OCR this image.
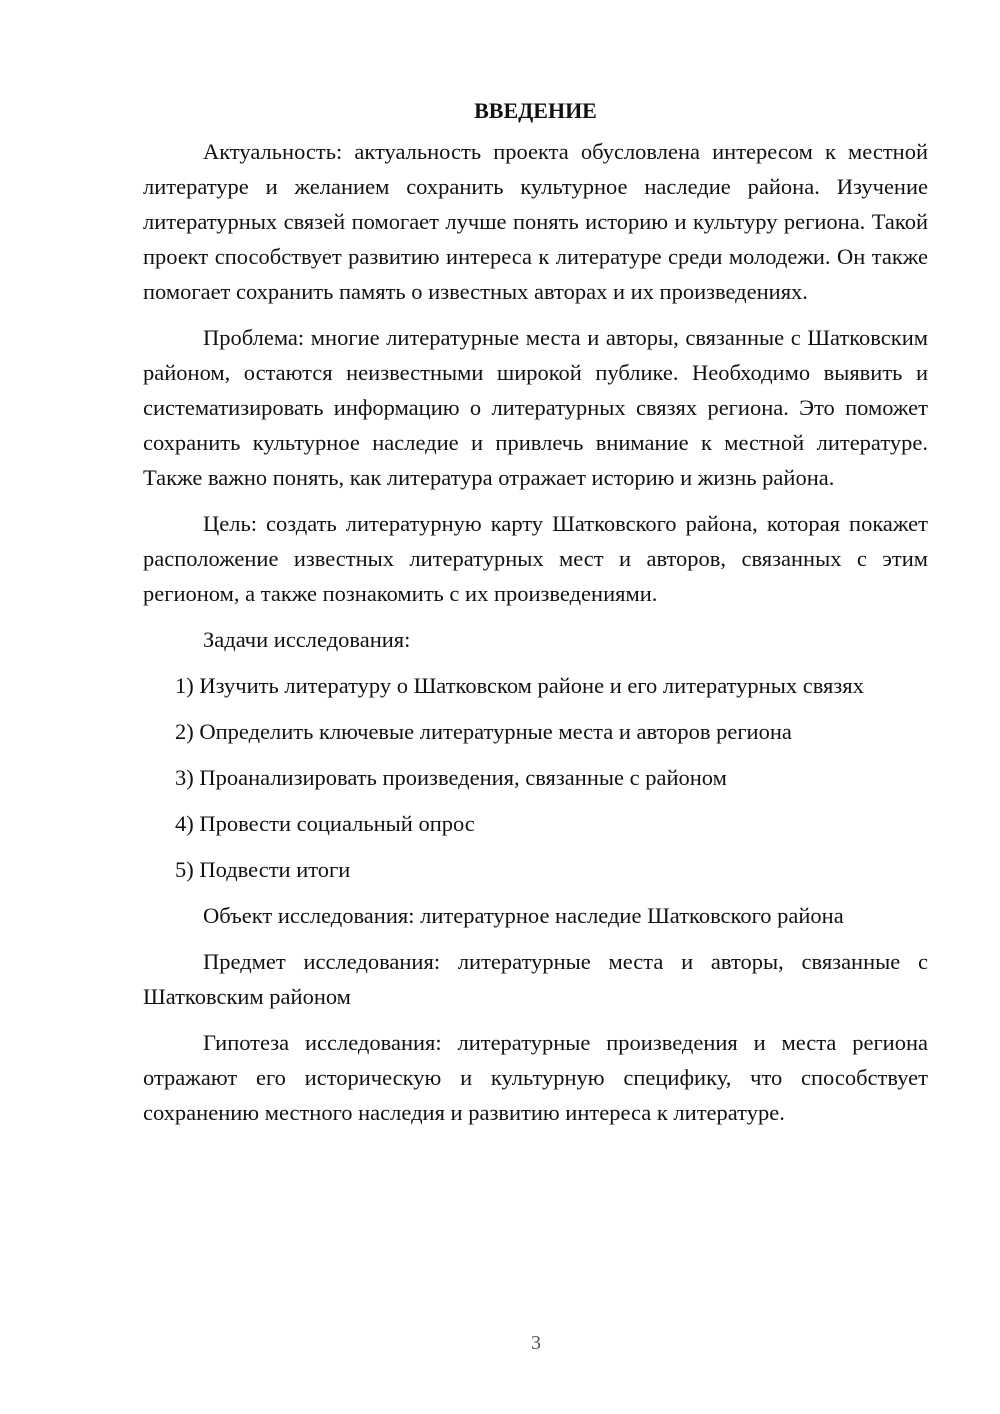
ВВЕДЕНИЕ

Актуальность: актуальность проекта обусловлена интересом к местной литературе и желанием сохранить культурное наследие района. Изучение литературных связей помогает лучше понять историю и культуру региона. Такой проект способствует развитию интереса к литературе среди молодежи. Он также помогает сохранить память о известных авторах и их произведениях.

Проблема: многие литературные места и авторы, связанные с Шатковским районом, остаются неизвестными широкой публике. Необходимо выявить и систематизировать информацию о литературных связях региона. Это поможет сохранить культурное наследие и привлечь внимание к местной литературе. Также важно понять, как литература отражает историю и жизнь района.

Цель: создать литературную карту Шатковского района, которая покажет расположение известных литературных мест и авторов, связанных с этим регионом, а также познакомить с их произведениями.

Задачи исследования:

1) Изучить литературу о Шатковском районе и его литературных связях

2) Определить ключевые литературные места и авторов региона

3) Проанализировать произведения, связанные с районом

4) Провести социальный опрос

5) Подвести итоги

Объект исследования: литературное наследие Шатковского района

Предмет исследования: литературные места и авторы, связанные с Шатковским районом

Гипотеза исследования: литературные произведения и места региона отражают его историческую и культурную специфику, что способствует сохранению местного наследия и развитию интереса к литературе.

3
